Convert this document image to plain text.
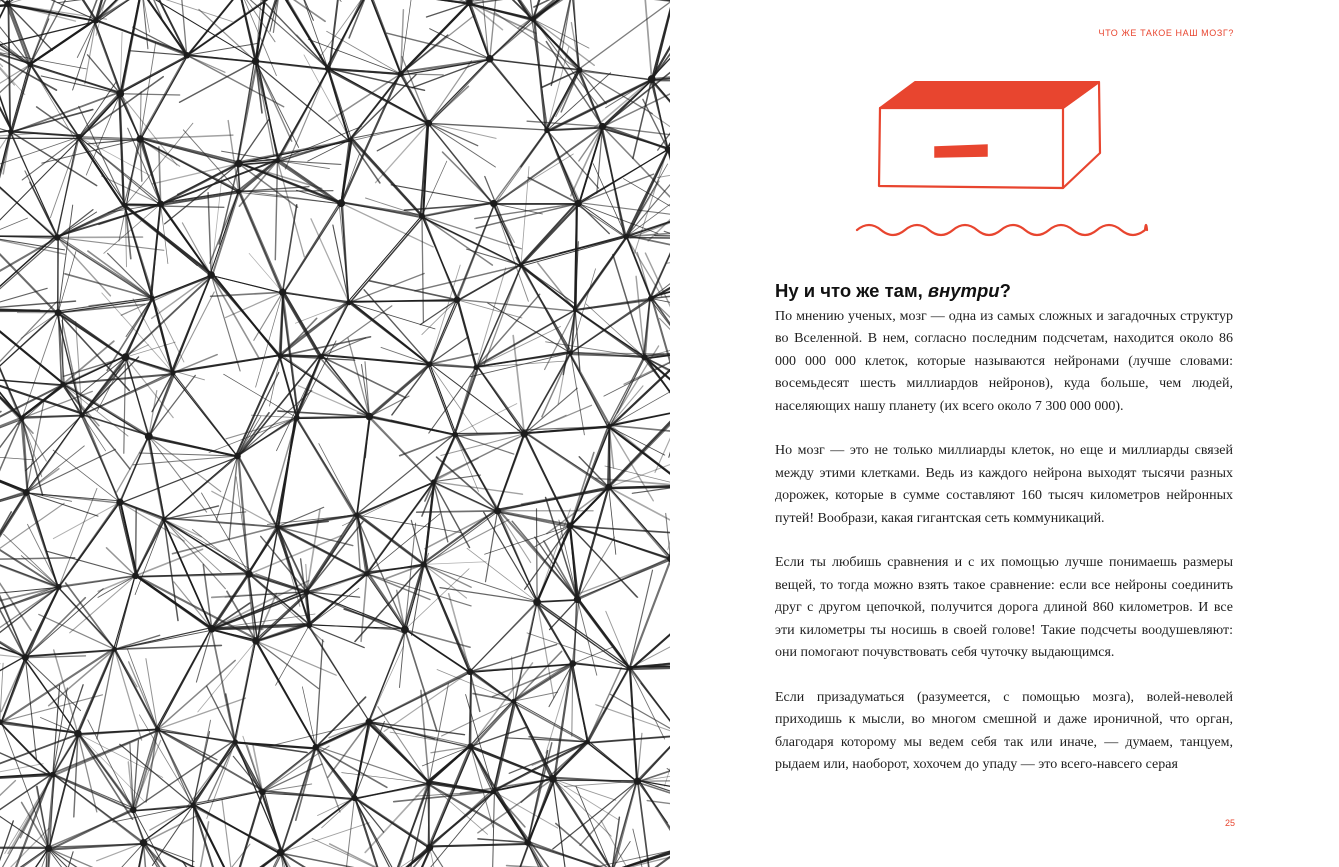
ЧТО ЖЕ ТАКОЕ НАШ МОЗГ?
Ну и что же там, внутри?

По мнению ученых, мозг — одна из самых сложных и загадочных структур во Вселенной. В нем, согласно последним подсчетам, находится около 86 000 000 000 клеток, которые называются нейронами (лучше словами: восемьдесят шесть миллиардов нейронов), куда больше, чем людей, населяющих нашу планету (их всего около 7 300 000 000).

Но мозг — это не только миллиарды клеток, но еще и миллиарды связей между этими клетками. Ведь из каждого нейрона выходят тысячи разных дорожек, которые в сумме составляют 160 тысяч километров нейронных путей! Вообрази, какая гигантская сеть коммуникаций.

Если ты любишь сравнения и с их помощью лучше понимаешь размеры вещей, то тогда можно взять такое сравнение: если все нейроны соединить друг с другом цепочкой, получится дорога длиной 860 километров. И все эти километры ты носишь в своей голове! Такие подсчеты воодушевляют: они помогают почувствовать себя чуточку выдающимся.

Если призадуматься (разумеется, с помощью мозга), волей-неволей приходишь к мысли, во многом смешной и даже ироничной, что орган, благодаря которому мы ведем себя так или иначе, — думаем, танцуем, рыдаем или, наоборот, хохочем до упаду — это всего-навсего серая

25
